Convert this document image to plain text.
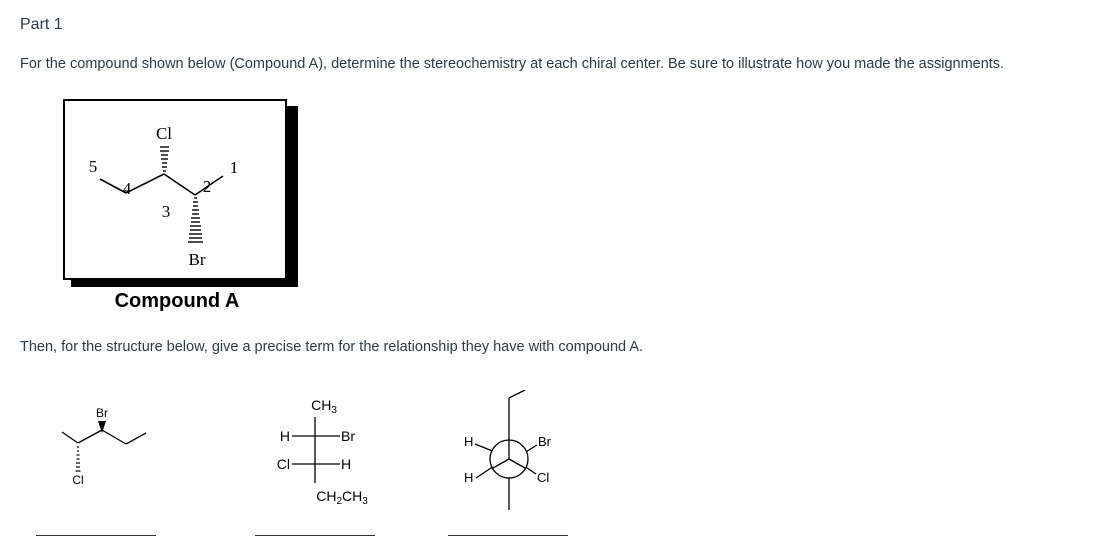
Part 1
For the compound shown below (Compound A), determine the stereochemistry at each chiral center. Be sure to illustrate how you made the assignments.
Cl
Br
5
4
3
2
1
Compound A
Then, for the structure below, give a precise term for the relationship they have with compound A.
Br
Cl
$CH_3$
H	Br
Cl	H
$CH_2CH_3$
H	Br
H	Cl
